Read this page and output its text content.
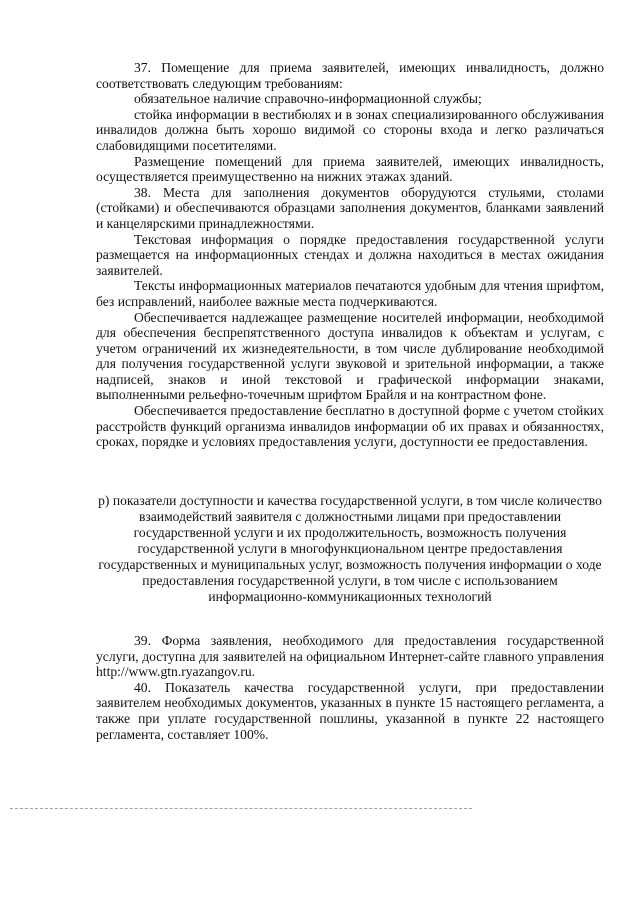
37. Помещение для приема заявителей, имеющих инвалидность, должно соответствовать следующим требованиям:

обязательное наличие справочно-информационной службы;

стойка информации в вестибюлях и в зонах специализированного обслуживания инвалидов должна быть хорошо видимой со стороны входа и легко различаться слабовидящими посетителями.

Размещение помещений для приема заявителей, имеющих инвалидность, осуществляется преимущественно на нижних этажах зданий.

38. Места для заполнения документов оборудуются стульями, столами (стойками) и обеспечиваются образцами заполнения документов, бланками заявлений и канцелярскими принадлежностями.

Текстовая информация о порядке предоставления государственной услуги размещается на информационных стендах и должна находиться в местах ожидания заявителей.

Тексты информационных материалов печатаются удобным для чтения шрифтом, без исправлений, наиболее важные места подчеркиваются.

Обеспечивается надлежащее размещение носителей информации, необходимой для обеспечения беспрепятственного доступа инвалидов к объектам и услугам, с учетом ограничений их жизнедеятельности, в том числе дублирование необходимой для получения государственной услуги звуковой и зрительной информации, а также надписей, знаков и иной текстовой и графической информации знаками, выполненными рельефно-точечным шрифтом Брайля и на контрастном фоне.

Обеспечивается предоставление бесплатно в доступной форме с учетом стойких расстройств функций организма инвалидов информации об их правах и обязанностях, сроках, порядке и условиях предоставления услуги, доступности ее предоставления.

р) показатели доступности и качества государственной услуги, в том числе количество взаимодействий заявителя с должностными лицами при предоставлении государственной услуги и их продолжительность, возможность получения государственной услуги в многофункциональном центре предоставления государственных и муниципальных услуг, возможность получения информации о ходе предоставления государственной услуги, в том числе с использованием информационно-коммуникационных технологий

39. Форма заявления, необходимого для предоставления государственной услуги, доступна для заявителей на официальном Интернет-сайте главного управления http://www.gtn.ryazangov.ru.

40. Показатель качества государственной услуги, при предоставлении заявителем необходимых документов, указанных в пункте 15 настоящего регламента, а также при уплате государственной пошлины, указанной в пункте 22 настоящего регламента, составляет 100%.
